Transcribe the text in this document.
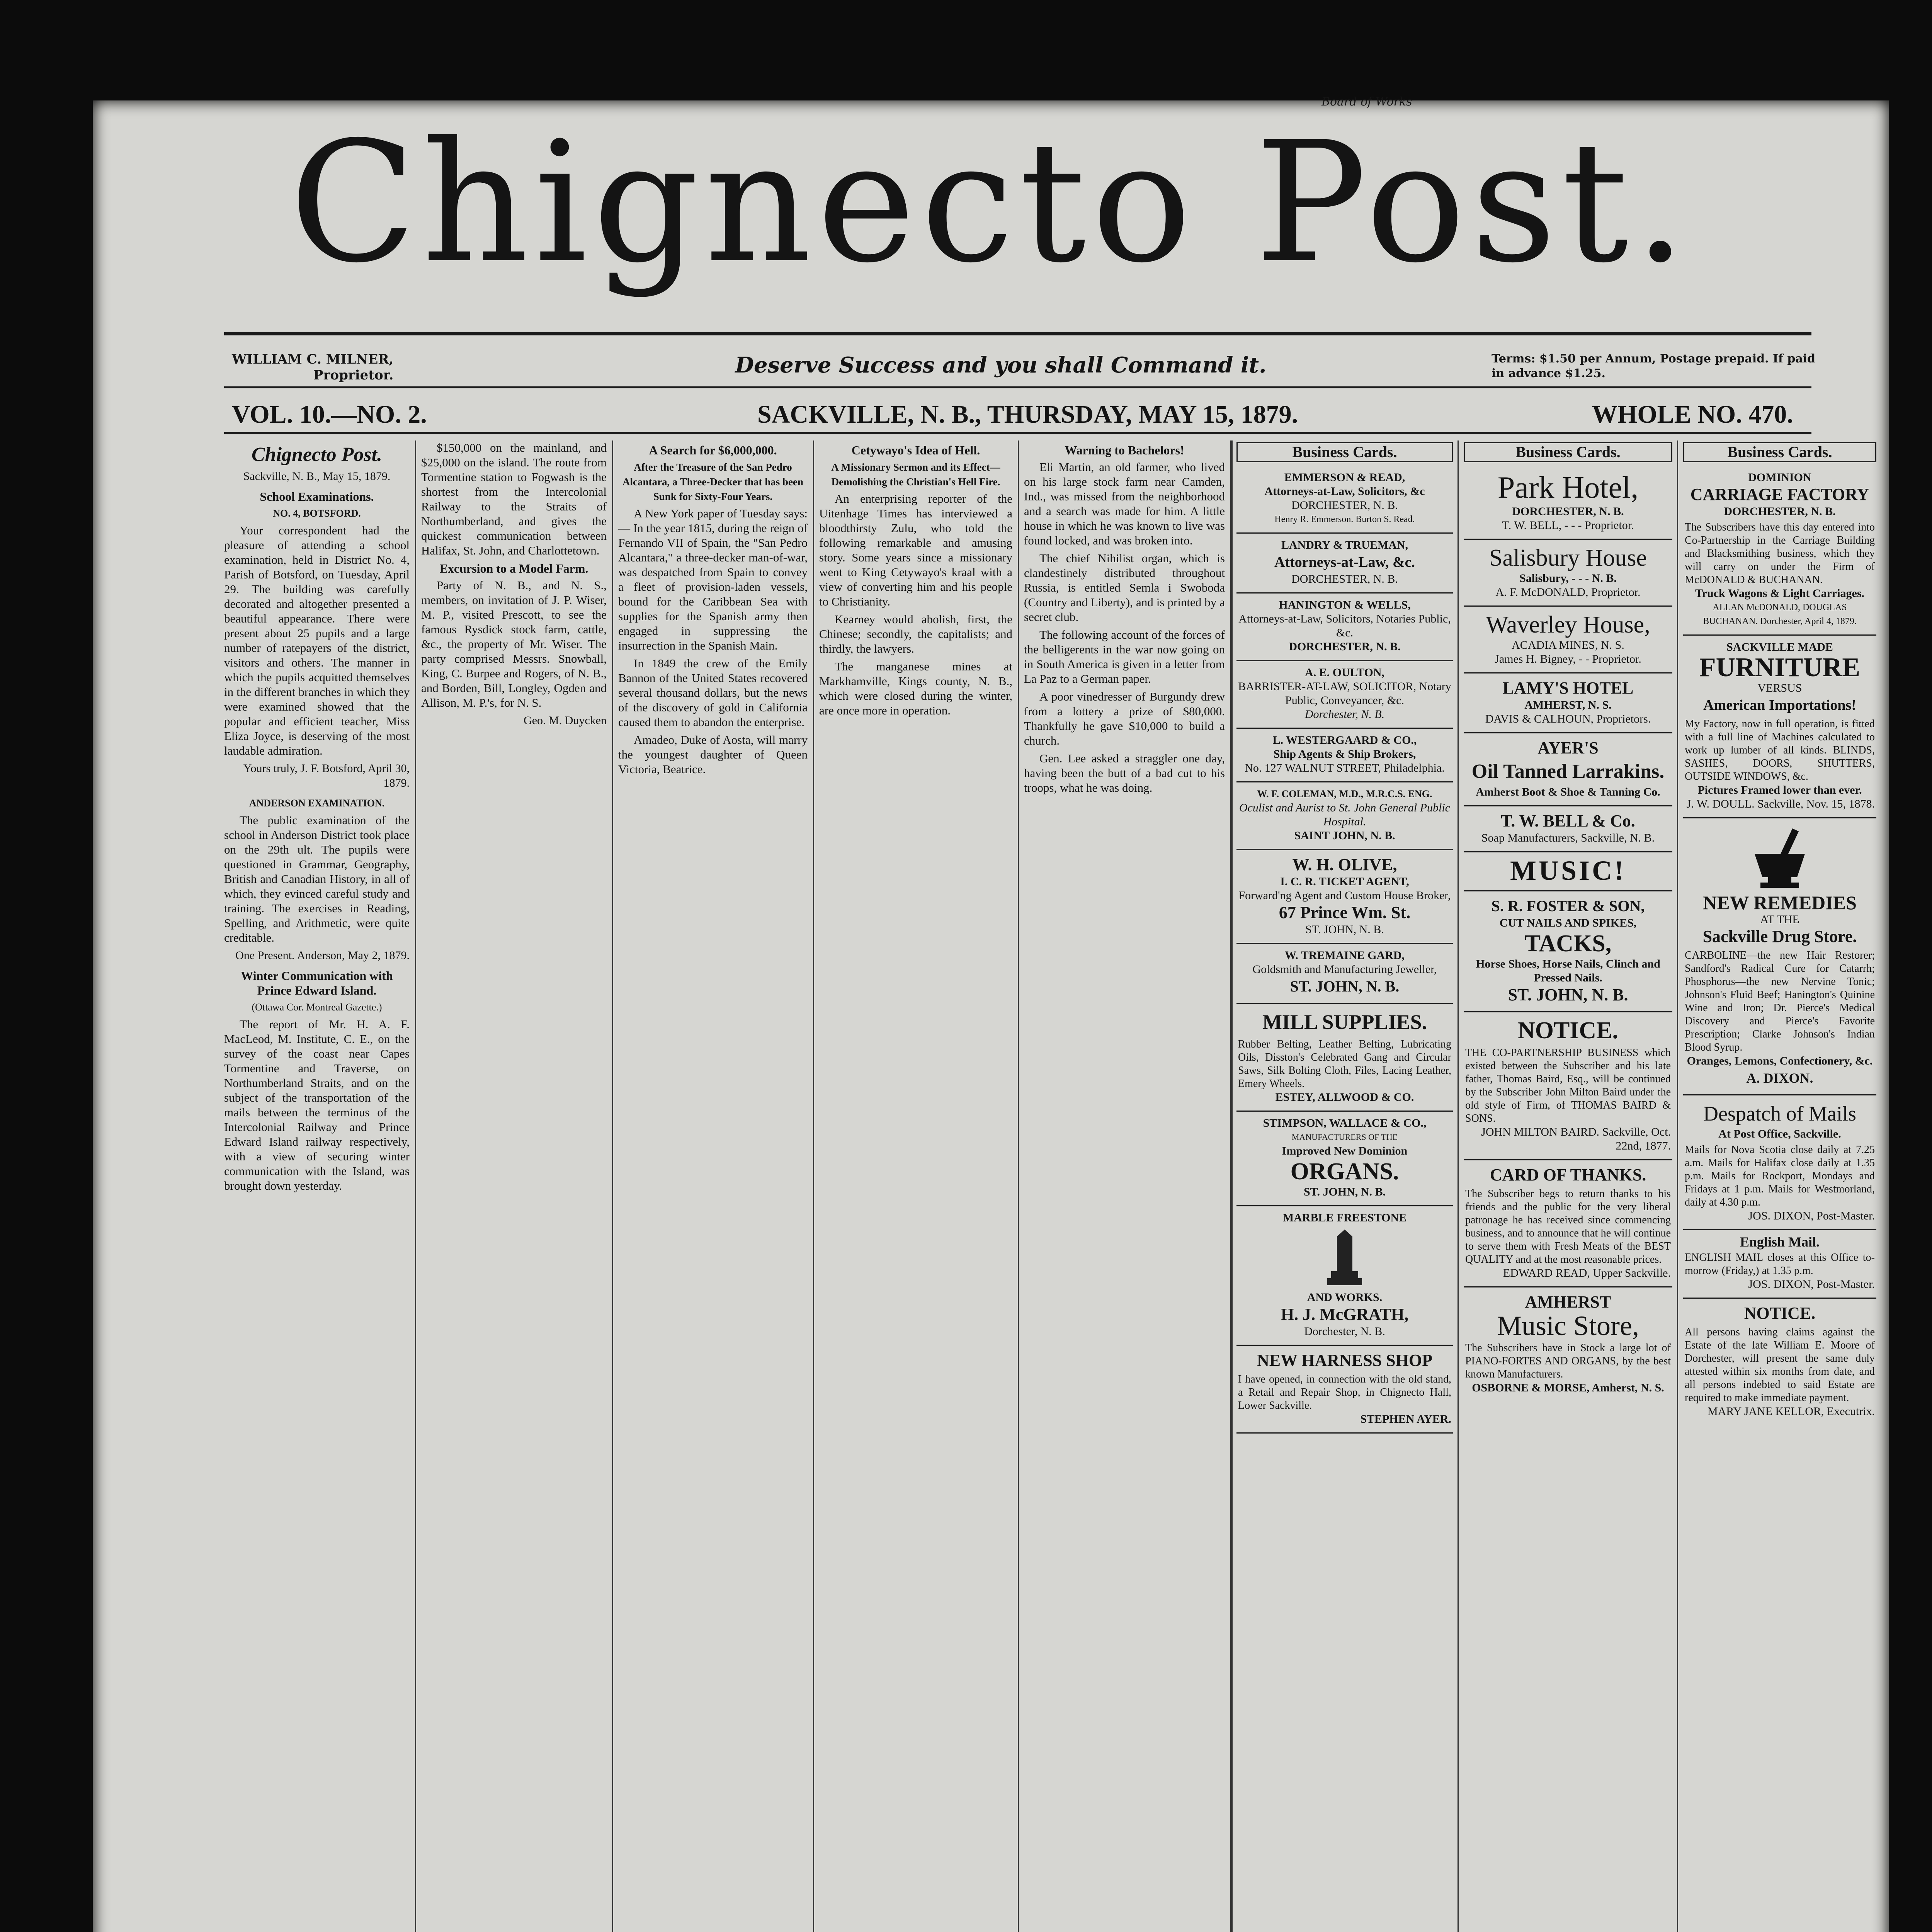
Board of Works
Chignecto Post.
WILLIAM C. MILNER,
Proprietor.	Deserve Success and you shall Command it.	Terms: $1.50 per Annum, Postage prepaid. If paid in advance $1.25.
VOL. 10.—NO. 2.	SACKVILLE, N. B., THURSDAY, MAY 15, 1879.	WHOLE NO. 470.
Chignecto Post.
Sackville, N. B., May 15, 1879.
School Examinations.
NO. 4, BOTSFORD.

Your correspondent had the pleasure of attending a school examination, held in District No. 4, Parish of Botsford, on Tuesday, April 29. The building was carefully decorated and altogether presented a beautiful appearance. There were present about 25 pupils and a large number of ratepayers of the district, visitors and others. The manner in which the pupils acquitted themselves in the different branches in which they were examined showed that the popular and efficient teacher, Miss Eliza Joyce, is deserving of the most laudable admiration.

Yours truly, J. F. Botsford, April 30, 1879.
ANDERSON EXAMINATION.

The public examination of the school in Anderson District took place on the 29th ult. The pupils were questioned in Grammar, Geography, British and Canadian History, in all of which, they evinced careful study and training. The exercises in Reading, Spelling, and Arithmetic, were quite creditable.

One Present. Anderson, May 2, 1879.
Winter Communication with Prince Edward Island.
(Ottawa Cor. Montreal Gazette.)

The report of Mr. H. A. F. MacLeod, M. Institute, C. E., on the survey of the coast near Capes Tormentine and Traverse, on Northumberland Straits, and on the subject of the transportation of the mails between the terminus of the Intercolonial Railway and Prince Edward Island railway respectively, with a view of securing winter communication with the Island, was brought down yesterday.

$150,000 on the mainland, and $25,000 on the island. The route from Tormentine station to Fogwash is the shortest from the Intercolonial Railway to the Straits of Northumberland, and gives the quickest communication between Halifax, St. John, and Charlottetown.

Excursion to a Model Farm.

Party of N. B., and N. S., members, on invitation of J. P. Wiser, M. P., visited Prescott, to see the famous Rysdick stock farm, cattle, &c., the property of Mr. Wiser. The party comprised Messrs. Snowball, King, C. Burpee and Rogers, of N. B., and Borden, Bill, Longley, Ogden and Allison, M. P.'s, for N. S.

Geo. M. Duycken
A Search for $6,000,000.
After the Treasure of the San Pedro Alcantara, a Three-Decker that has been Sunk for Sixty-Four Years.

A New York paper of Tuesday says:— In the year 1815, during the reign of Fernando VII of Spain, the "San Pedro Alcantara," a three-decker man-of-war, was despatched from Spain to convey a fleet of provision-laden vessels, bound for the Caribbean Sea with supplies for the Spanish army then engaged in suppressing the insurrection in the Spanish Main.

In 1849 the crew of the Emily Bannon of the United States recovered several thousand dollars, but the news of the discovery of gold in California caused them to abandon the enterprise.

Amadeo, Duke of Aosta, will marry the youngest daughter of Queen Victoria, Beatrice.

Cetywayo's Idea of Hell.
A Missionary Sermon and its Effect—Demolishing the Christian's Hell Fire.

An enterprising reporter of the Uitenhage Times has interviewed a bloodthirsty Zulu, who told the following remarkable and amusing story. Some years since a missionary went to King Cetywayo's kraal with a view of converting him and his people to Christianity.

Kearney would abolish, first, the Chinese; secondly, the capitalists; and thirdly, the lawyers.

The manganese mines at Markhamville, Kings county, N. B., which were closed during the winter, are once more in operation.

Warning to Bachelors!

Eli Martin, an old farmer, who lived on his large stock farm near Camden, Ind., was missed from the neighborhood and a search was made for him. A little house in which he was known to live was found locked, and was broken into.

The chief Nihilist organ, which is clandestinely distributed throughout Russia, is entitled Semla i Swoboda (Country and Liberty), and is printed by a secret club.

The following account of the forces of the belligerents in the war now going on in South America is given in a letter from La Paz to a German paper.

A poor vinedresser of Burgundy drew from a lottery a prize of $80,000. Thankfully he gave $10,000 to build a church.

Gen. Lee asked a straggler one day, having been the butt of a bad cut to his troops, what he was doing.

Business Cards.
EMMERSON & READ,
Attorneys-at-Law, Solicitors, &c
DORCHESTER, N. B.
Henry R. Emmerson. Burton S. Read.
LANDRY & TRUEMAN,
Attorneys-at-Law, &c.
DORCHESTER, N. B.
HANINGTON & WELLS,
Attorneys-at-Law, Solicitors, Notaries Public, &c.
DORCHESTER, N. B.
A. E. OULTON,
BARRISTER-AT-LAW, SOLICITOR, Notary Public, Conveyancer, &c.
Dorchester, N. B.
L. WESTERGAARD & CO.,
Ship Agents & Ship Brokers,
No. 127 WALNUT STREET, Philadelphia.
W. F. COLEMAN, M.D., M.R.C.S. ENG.
Oculist and Aurist to St. John General Public Hospital.
SAINT JOHN, N. B.
W. H. OLIVE,
I. C. R. TICKET AGENT,
Forward'ng Agent and Custom House Broker,
67 Prince Wm. St.
ST. JOHN, N. B.
W. TREMAINE GARD,
Goldsmith and Manufacturing Jeweller,
ST. JOHN, N. B.
MILL SUPPLIES.
Rubber Belting, Leather Belting, Lubricating Oils, Disston's Celebrated Gang and Circular Saws, Silk Bolting Cloth, Files, Lacing Leather, Emery Wheels.
ESTEY, ALLWOOD & CO.
STIMPSON, WALLACE & CO.,
MANUFACTURERS OF THE
Improved New Dominion
ORGANS.
ST. JOHN, N. B.
MARBLE FREESTONE
AND WORKS.
H. J. McGRATH,
Dorchester, N. B.
NEW HARNESS SHOP
I have opened, in connection with the old stand, a Retail and Repair Shop, in Chignecto Hall, Lower Sackville.
STEPHEN AYER.
Business Cards.
Park Hotel,
DORCHESTER, N. B.
T. W. BELL, - - - Proprietor.
Salisbury House
Salisbury, - - - N. B.
A. F. McDONALD, Proprietor.
Waverley House,
ACADIA MINES, N. S.
James H. Bigney, - - Proprietor.
LAMY'S HOTEL
AMHERST, N. S.
DAVIS & CALHOUN, Proprietors.
AYER'S
Oil Tanned Larrakins.
Amherst Boot & Shoe & Tanning Co.
T. W. BELL & Co.
Soap Manufacturers, Sackville, N. B.
MUSIC!
S. R. FOSTER & SON,
CUT NAILS AND SPIKES,
TACKS,
Horse Shoes, Horse Nails, Clinch and Pressed Nails.
ST. JOHN, N. B.
NOTICE.
THE CO-PARTNERSHIP BUSINESS which existed between the Subscriber and his late father, Thomas Baird, Esq., will be continued by the Subscriber John Milton Baird under the old style of Firm, of THOMAS BAIRD & SONS.
JOHN MILTON BAIRD. Sackville, Oct. 22nd, 1877.
CARD OF THANKS.
The Subscriber begs to return thanks to his friends and the public for the very liberal patronage he has received since commencing business, and to announce that he will continue to serve them with Fresh Meats of the BEST QUALITY and at the most reasonable prices.
EDWARD READ, Upper Sackville.
AMHERST
Music Store,
The Subscribers have in Stock a large lot of PIANO-FORTES AND ORGANS, by the best known Manufacturers.
OSBORNE & MORSE, Amherst, N. S.
Business Cards.
DOMINION
CARRIAGE FACTORY
DORCHESTER, N. B.
The Subscribers have this day entered into Co-Partnership in the Carriage Building and Blacksmithing business, which they will carry on under the Firm of McDONALD & BUCHANAN.
Truck Wagons & Light Carriages.
ALLAN McDONALD, DOUGLAS BUCHANAN. Dorchester, April 4, 1879.
SACKVILLE MADE
FURNITURE
VERSUS
American Importations!
My Factory, now in full operation, is fitted with a full line of Machines calculated to work up lumber of all kinds. BLINDS, SASHES, DOORS, SHUTTERS, OUTSIDE WINDOWS, &c.
Pictures Framed lower than ever.
J. W. DOULL. Sackville, Nov. 15, 1878.
NEW REMEDIES
AT THE
Sackville Drug Store.
CARBOLINE—the new Hair Restorer; Sandford's Radical Cure for Catarrh; Phosphorus—the new Nervine Tonic; Johnson's Fluid Beef; Hanington's Quinine Wine and Iron; Dr. Pierce's Medical Discovery and Pierce's Favorite Prescription; Clarke Johnson's Indian Blood Syrup.
Oranges, Lemons, Confectionery, &c.
A. DIXON.
Despatch of Mails
At Post Office, Sackville.
Mails for Nova Scotia close daily at 7.25 a.m. Mails for Halifax close daily at 1.35 p.m. Mails for Rockport, Mondays and Fridays at 1 p.m. Mails for Westmorland, daily at 4.30 p.m.
JOS. DIXON, Post-Master.
English Mail.
ENGLISH MAIL closes at this Office to-morrow (Friday,) at 1.35 p.m.
JOS. DIXON, Post-Master.
NOTICE.
All persons having claims against the Estate of the late William E. Moore of Dorchester, will present the same duly attested within six months from date, and all persons indebted to said Estate are required to make immediate payment.
MARY JANE KELLOR, Executrix.
